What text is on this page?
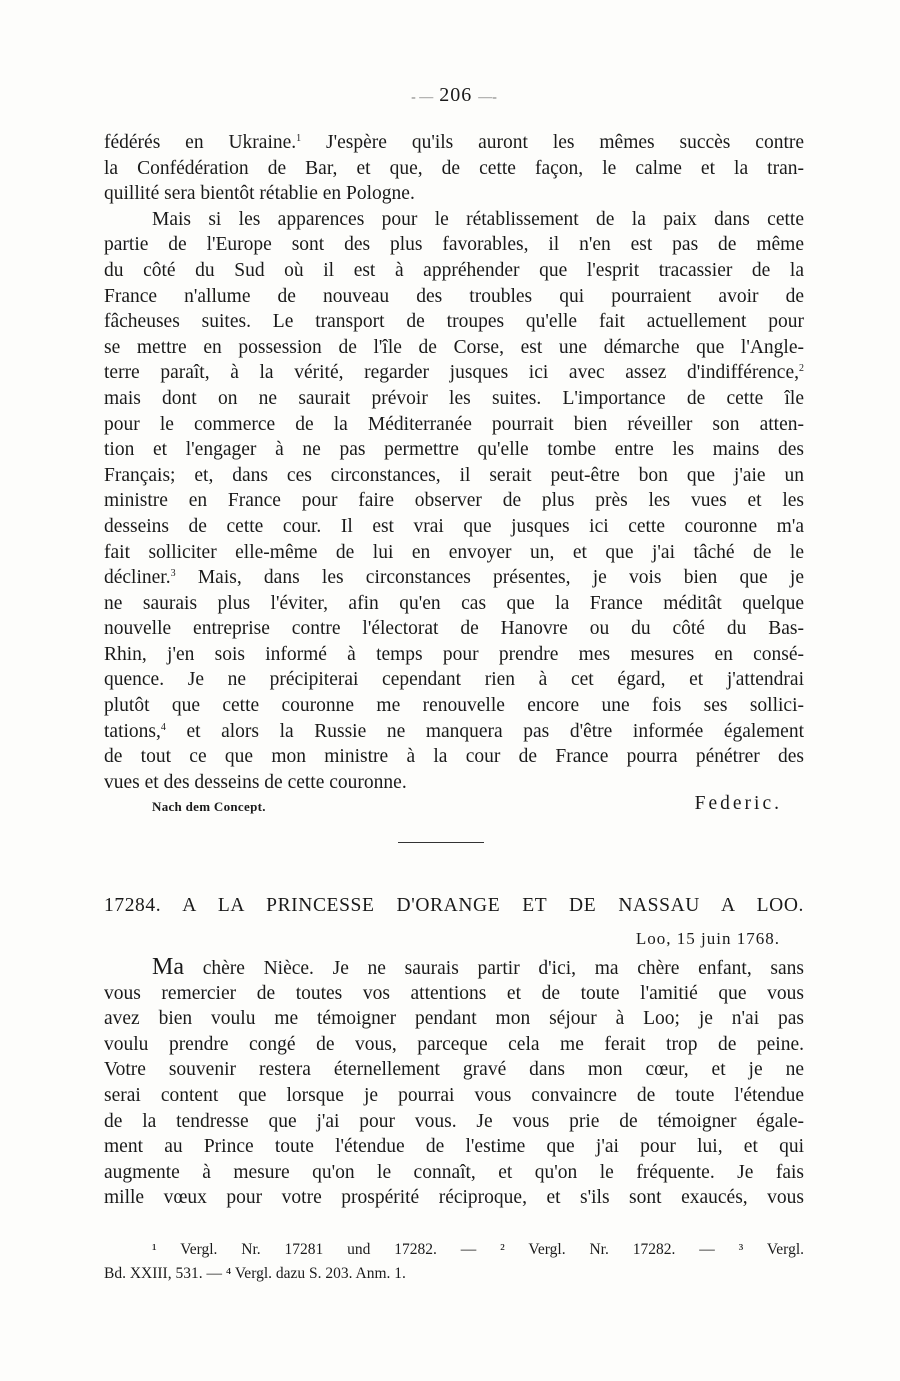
- — 206 —-
fédérés en Ukraine.$^1$ J'espère qu'ils auront les mêmes succès contre
la Confédération de Bar, et que, de cette façon, le calme et la tran-
quillité sera bientôt rétablie en Pologne.
Mais si les apparences pour le rétablissement de la paix dans cette
partie de l'Europe sont des plus favorables, il n'en est pas de même
du côté du Sud où il est à appréhender que l'esprit tracassier de la
France n'allume de nouveau des troubles qui pourraient avoir de
fâcheuses suites. Le transport de troupes qu'elle fait actuellement pour
se mettre en possession de l'île de Corse, est une démarche que l'Angle-
terre paraît, à la vérité, regarder jusques ici avec assez d'indifférence,$^2$
mais dont on ne saurait prévoir les suites. L'importance de cette île
pour le commerce de la Méditerranée pourrait bien réveiller son atten-
tion et l'engager à ne pas permettre qu'elle tombe entre les mains des
Français; et, dans ces circonstances, il serait peut-être bon que j'aie un
ministre en France pour faire observer de plus près les vues et les
desseins de cette cour. Il est vrai que jusques ici cette couronne m'a
fait solliciter elle-même de lui en envoyer un, et que j'ai tâché de le
décliner.$^3$ Mais, dans les circonstances présentes, je vois bien que je
ne saurais plus l'éviter, afin qu'en cas que la France méditât quelque
nouvelle entreprise contre l'électorat de Hanovre ou du côté du Bas-
Rhin, j'en sois informé à temps pour prendre mes mesures en consé-
quence. Je ne précipiterai cependant rien à cet égard, et j'attendrai
plutôt que cette couronne me renouvelle encore une fois ses sollici-
tations,$^4$ et alors la Russie ne manquera pas d'être informée également
de tout ce que mon ministre à la cour de France pourra pénétrer des
vues et des desseins de cette couronne.
Nach dem Concept.	Federic.
17284. A LA PRINCESSE D'ORANGE ET DE NASSAU A LOO.
Loo, 15 juin 1768.
Ma chère Nièce. Je ne saurais partir d'ici, ma chère enfant, sans
vous remercier de toutes vos attentions et de toute l'amitié que vous
avez bien voulu me témoigner pendant mon séjour à Loo; je n'ai pas
voulu prendre congé de vous, parceque cela me ferait trop de peine.
Votre souvenir restera éternellement gravé dans mon cœur, et je ne
serai content que lorsque je pourrai vous convaincre de toute l'étendue
de la tendresse que j'ai pour vous. Je vous prie de témoigner égale-
ment au Prince toute l'étendue de l'estime que j'ai pour lui, et qui
augmente à mesure qu'on le connaît, et qu'on le fréquente. Je fais
mille vœux pour votre prospérité réciproque, et s'ils sont exaucés, vous
¹ Vergl. Nr. 17281 und 17282. — ² Vergl. Nr. 17282. — ³ Vergl.
Bd. XXIII, 531. — ⁴ Vergl. dazu S. 203. Anm. 1.
